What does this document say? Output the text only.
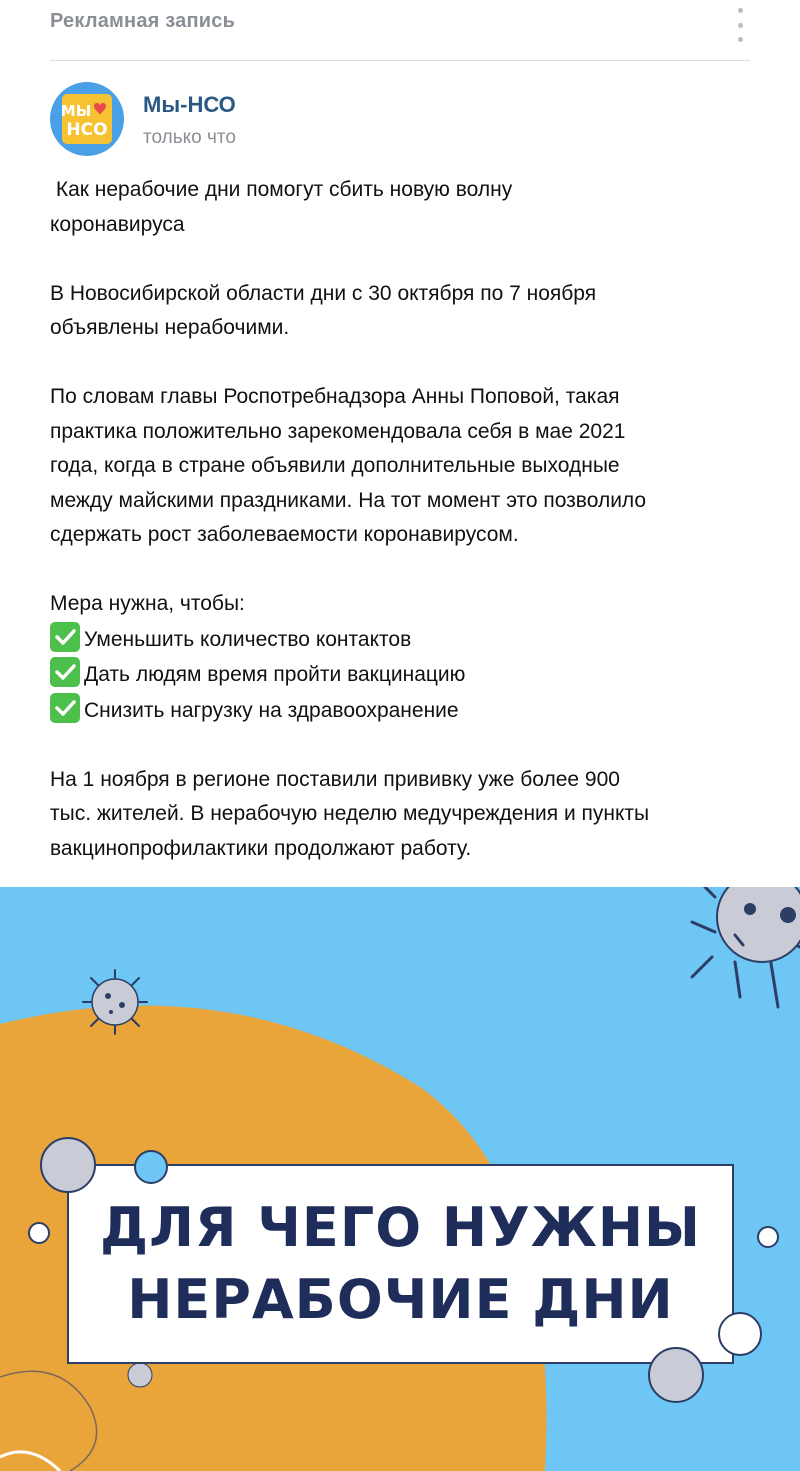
Рекламная запись
МЫ
НСО
Мы-НСО
только что

Как нерабочие дни помогут сбить новую волну

коронавируса

В Новосибирской области дни с 30 октября по 7 ноября

объявлены нерабочими.

По словам главы Роспотребнадзора Анны Поповой, такая

практика положительно зарекомендовала себя в мае 2021

года, когда в стране объявили дополнительные выходные

между майскими праздниками. На тот момент это позволило

сдержать рост заболеваемости коронавирусом.

Мера нужна, чтобы:

Уменьшить количество контактов

Дать людям время пройти вакцинацию

Снизить нагрузку на здравоохранение

На 1 ноября в регионе поставили прививку уже более 900

тыс. жителей. В нерабочую неделю медучреждения и пункты

вакцинопрофилактики продолжают работу.

ДЛЯ ЧЕГО НУЖНЫ
НЕРАБОЧИЕ ДНИ
